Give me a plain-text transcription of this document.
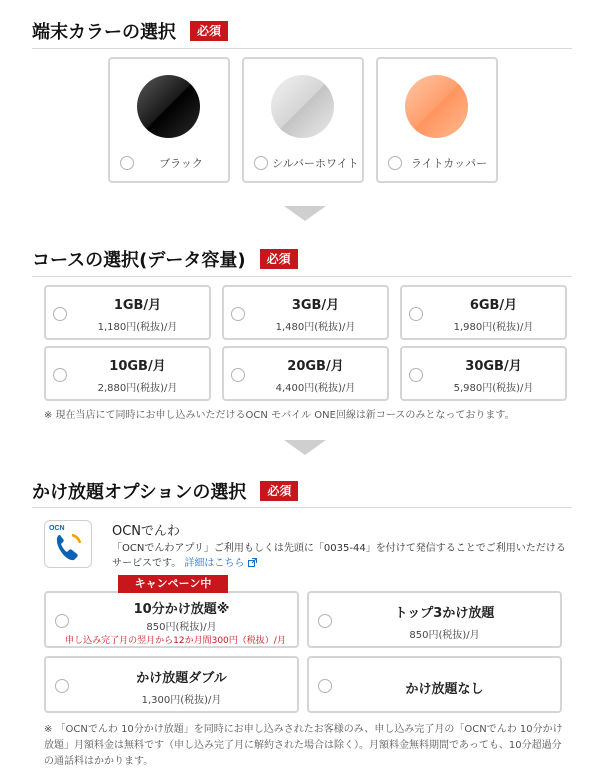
端末カラーの選択	必須
ブラック	シルバーホワイト	ライトカッパー
コースの選択(データ容量)	必須
1GB/月
1,180円(税抜)/月
3GB/月
1,480円(税抜)/月
6GB/月
1,980円(税抜)/月
10GB/月
2,880円(税抜)/月
20GB/月
4,400円(税抜)/月
30GB/月
5,980円(税抜)/月
※ 現在当店にて同時にお申し込みいただけるOCN モバイル ONE回線は新コースのみとなっております。
かけ放題オプションの選択	必須
OCN	OCNでんわ
「OCNでんわアプリ」ご利用もしくは先頭に「0035-44」を付けて発信することでご利用いただけるサービスです。 詳細はこちら
10分かけ放題※
850円(税抜)/月
申し込み完了月の翌月から12か月間300円（税抜）/月
キャンペーン中
トップ3かけ放題
850円(税抜)/月
かけ放題ダブル
1,300円(税抜)/月
かけ放題なし
※ 「OCNでんわ 10分かけ放題」を同時にお申し込みされたお客様のみ、申し込み完了月の「OCNでんわ 10分かけ放題」月額料金は無料です（申し込み完了月に解約された場合は除く）。月額料金無料期間であっても、10分超過分の通話料はかかります。
